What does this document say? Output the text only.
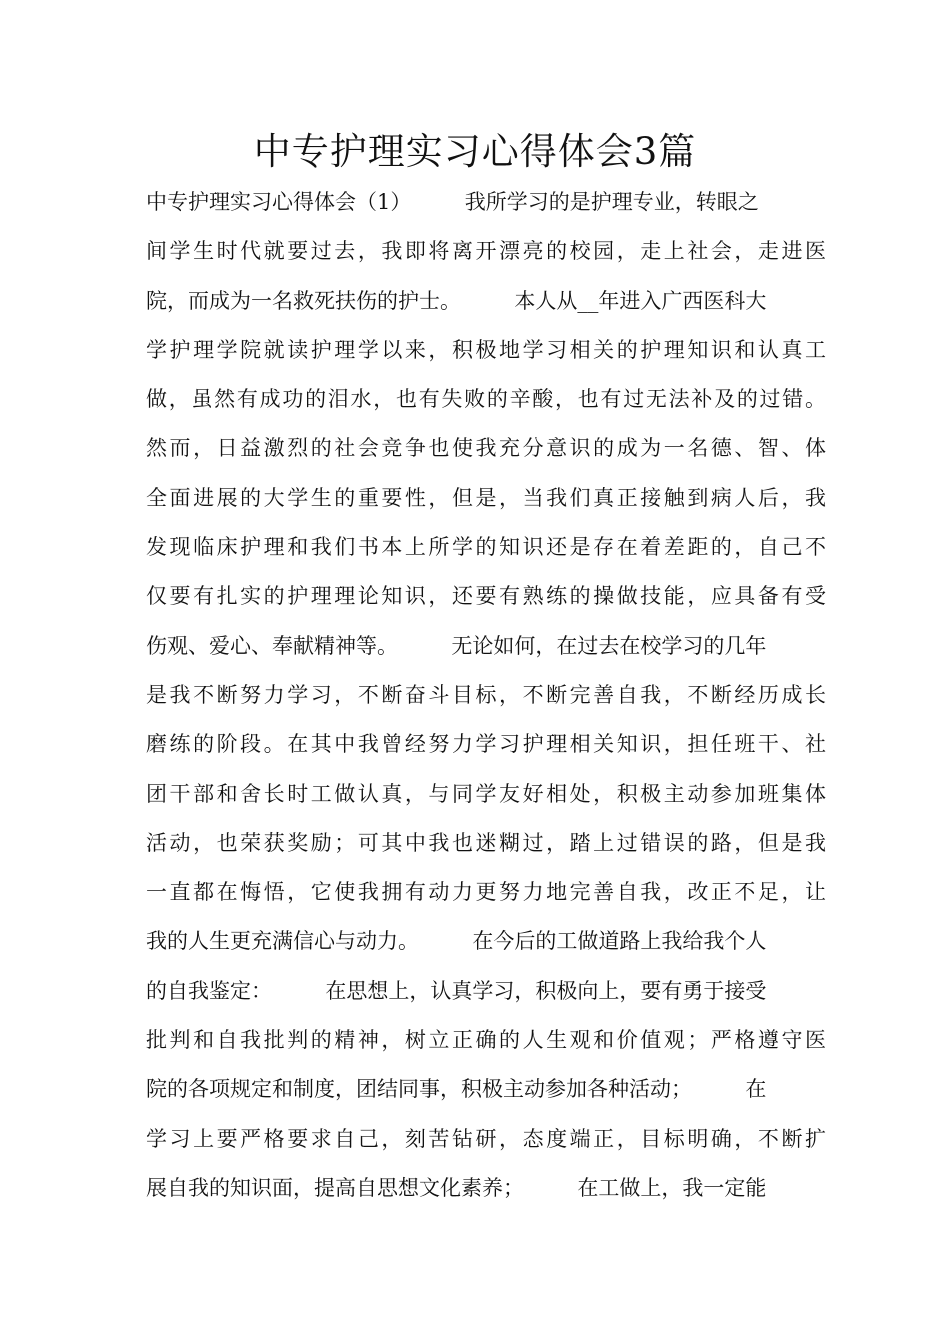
中专护理实习心得体会3篇
中专护理实习心得体会（1）        我所学习的是护理专业，转眼之
间学生时代就要过去，我即将离开漂亮的校园，走上社会，走进医
院，而成为一名救死扶伤的护士。        本人从__年进入广西医科大
学护理学院就读护理学以来，积极地学习相关的护理知识和认真工
做，虽然有成功的泪水，也有失败的辛酸，也有过无法补及的过错。
然而，日益激烈的社会竞争也使我充分意识的成为一名德、智、体
全面进展的大学生的重要性，但是，当我们真正接触到病人后，我
发现临床护理和我们书本上所学的知识还是存在着差距的，自己不
仅要有扎实的护理理论知识，还要有熟练的操做技能，应具备有受
伤观、爱心、奉献精神等。        无论如何，在过去在校学习的几年
是我不断努力学习，不断奋斗目标，不断完善自我，不断经历成长
磨练的阶段。在其中我曾经努力学习护理相关知识，担任班干、社
团干部和舍长时工做认真，与同学友好相处，积极主动参加班集体
活动，也荣获奖励；可其中我也迷糊过，踏上过错误的路，但是我
一直都在悔悟，它使我拥有动力更努力地完善自我，改正不足，让
我的人生更充满信心与动力。        在今后的工做道路上我给我个人
的自我鉴定：        在思想上，认真学习，积极向上，要有勇于接受
批判和自我批判的精神，树立正确的人生观和价值观；严格遵守医
院的各项规定和制度，团结同事，积极主动参加各种活动；        在
学习上要严格要求自己，刻苦钻研，态度端正，目标明确，不断扩
展自我的知识面，提高自思想文化素养；        在工做上，我一定能
